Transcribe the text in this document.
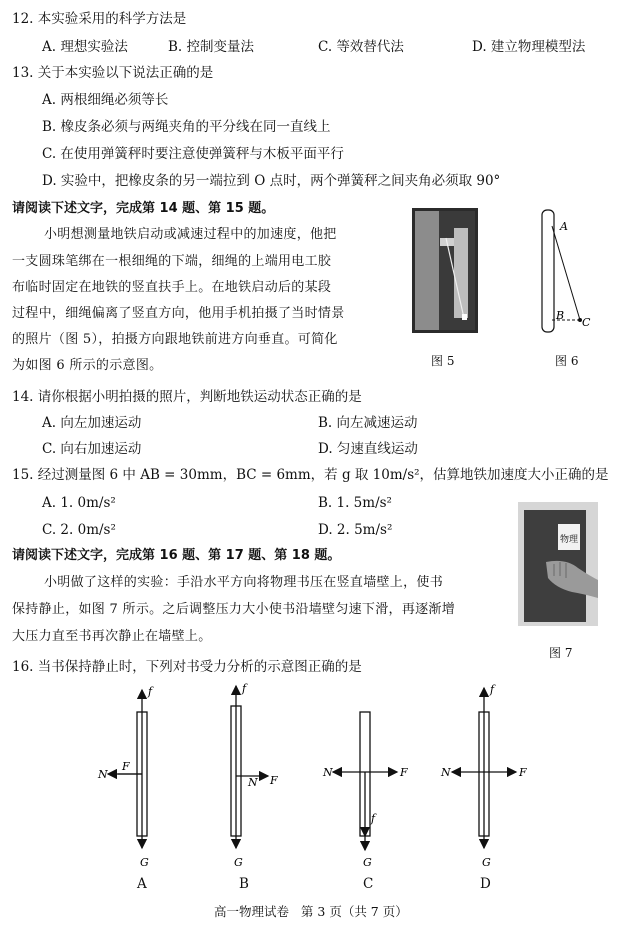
12. 本实验采用的科学方法是
A. 理想实验法	B. 控制变量法	C. 等效替代法	D. 建立物理模型法
13. 关于本实验以下说法正确的是
A. 两根细绳必须等长
B. 橡皮条必须与两绳夹角的平分线在同一直线上
C. 在使用弹簧秤时要注意使弹簧秤与木板平面平行
D. 实验中，把橡皮条的另一端拉到 O 点时，两个弹簧秤之间夹角必须取 90°
请阅读下述文字，完成第 14 题、第 15 题。
小明想测量地铁启动或减速过程中的加速度，他把
一支圆珠笔绑在一根细绳的下端，细绳的上端用电工胶
布临时固定在地铁的竖直扶手上。在地铁启动后的某段
过程中，细绳偏离了竖直方向，他用手机拍摄了当时情景
的照片（图 5），拍摄方向跟地铁前进方向垂直。可简化
为如图 6 所示的示意图。	图 5
A
B
C
图 6
14. 请你根据小明拍摄的照片，判断地铁运动状态正确的是
A. 向左加速运动	B. 向左减速运动
C. 向右加速运动	D. 匀速直线运动
15. 经过测量图 6 中 AB = 30mm，BC = 6mm，若 g 取 10m/s²，估算地铁加速度大小正确的是
A. 1. 0m/s²	B. 1. 5m/s²
C. 2. 0m/s²	D. 2. 5m/s²
请阅读下述文字，完成第 16 题、第 17 题、第 18 题。
小明做了这样的实验：手沿水平方向将物理书压在竖直墙壁上，使书
保持静止，如图 7 所示。之后调整压力大小使书沿墙壁匀速下滑，再逐渐增
大压力直至书再次静止在墙壁上。
物理
图 7
16. 当书保持静止时，下列对书受力分析的示意图正确的是
f
N
F
G
f
N F
G
N	F
f
G
f
N	F
G
A	B	C	D
高一物理试卷   第 3 页（共 7 页）
